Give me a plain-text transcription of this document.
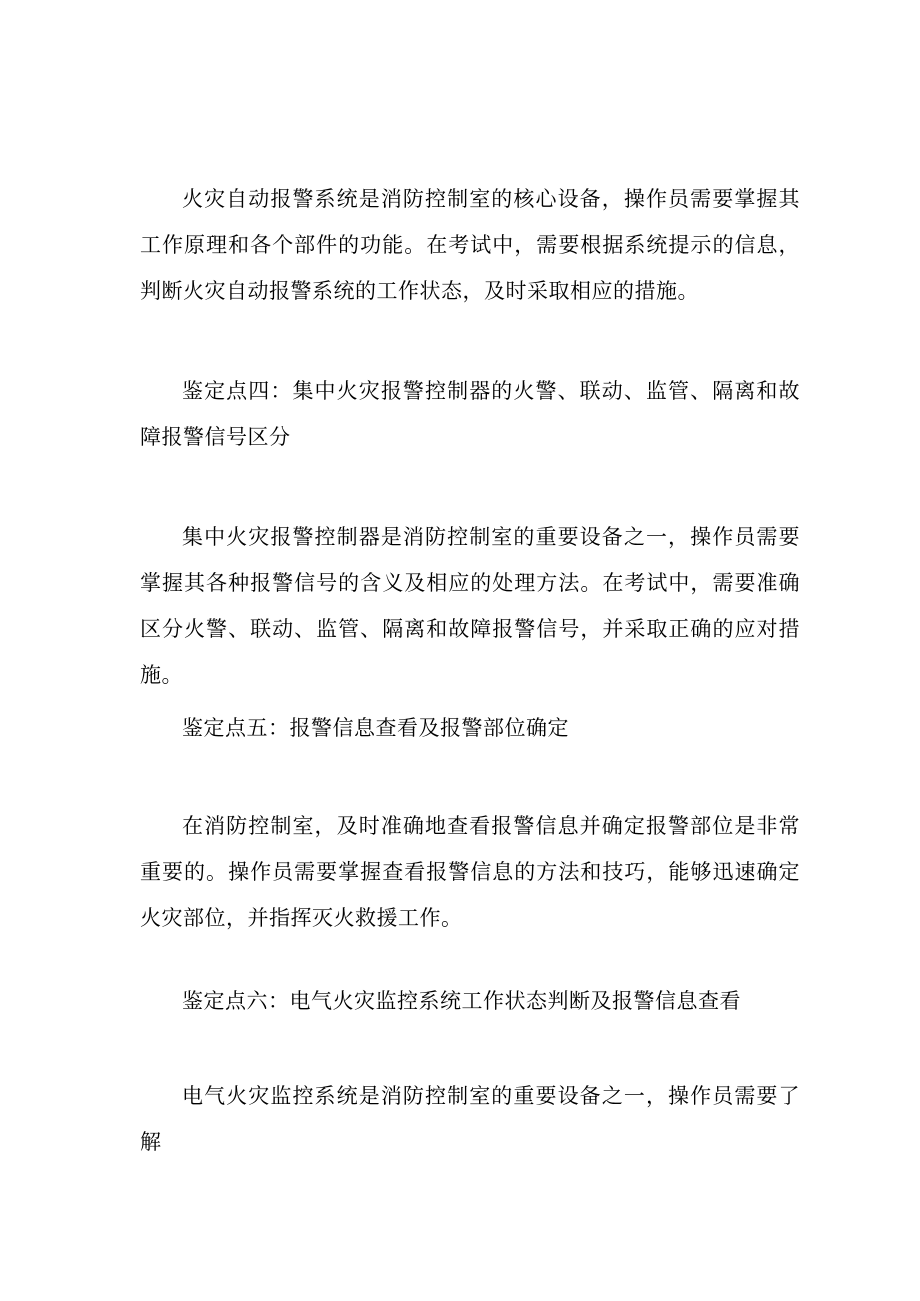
火灾自动报警系统是消防控制室的核心设备，操作员需要掌握其工作原理和各个部件的功能。在考试中，需要根据系统提示的信息，判断火灾自动报警系统的工作状态，及时采取相应的措施。

鉴定点四：集中火灾报警控制器的火警、联动、监管、隔离和故障报警信号区分

集中火灾报警控制器是消防控制室的重要设备之一，操作员需要掌握其各种报警信号的含义及相应的处理方法。在考试中，需要准确区分火警、联动、监管、隔离和故障报警信号，并采取正确的应对措施。

鉴定点五：报警信息查看及报警部位确定

在消防控制室，及时准确地查看报警信息并确定报警部位是非常重要的。操作员需要掌握查看报警信息的方法和技巧，能够迅速确定火灾部位，并指挥灭火救援工作。

鉴定点六：电气火灾监控系统工作状态判断及报警信息查看

电气火灾监控系统是消防控制室的重要设备之一，操作员需要了解
